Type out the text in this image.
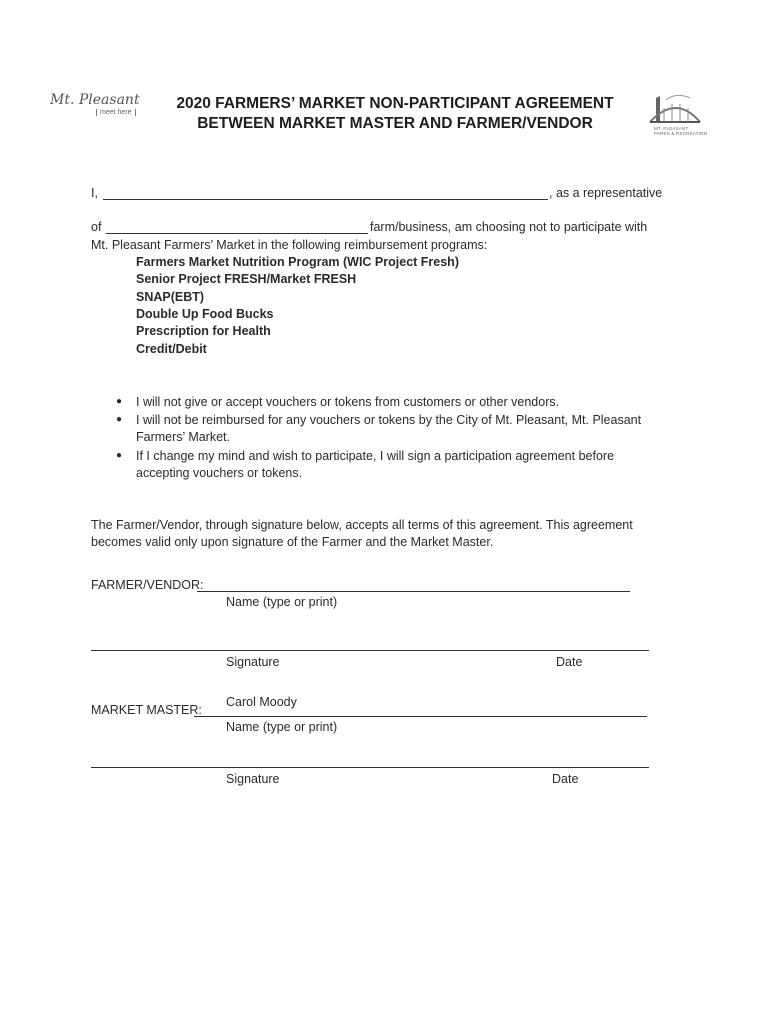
Mt. Pleasant
meet here
2020 FARMERS’ MARKET NON-PARTICIPANT AGREEMENT
BETWEEN MARKET MASTER AND FARMER/VENDOR	MT. PLEASANT
PARKS & RECREATION
I,	, as a representative
of	farm/business, am choosing not to participate with
Mt. Pleasant Farmers’ Market in the following reimbursement programs:
Farmers Market Nutrition Program (WIC Project Fresh)
Senior Project FRESH/Market FRESH
SNAP(EBT)
Double Up Food Bucks
Prescription for Health
Credit/Debit
● I will not give or accept vouchers or tokens from customers or other vendors.
● I will not be reimbursed for any vouchers or tokens by the City of Mt. Pleasant, Mt. Pleasant
Farmers’ Market.
● If I change my mind and wish to participate, I will sign a participation agreement before
accepting vouchers or tokens.
The Farmer/Vendor, through signature below, accepts all terms of this agreement. This agreement
becomes valid only upon signature of the Farmer and the Market Master.
FARMER/VENDOR:
Name (type or print)
Signature	Date
Carol Moody
MARKET MASTER:
Name (type or print)
Signature	Date
